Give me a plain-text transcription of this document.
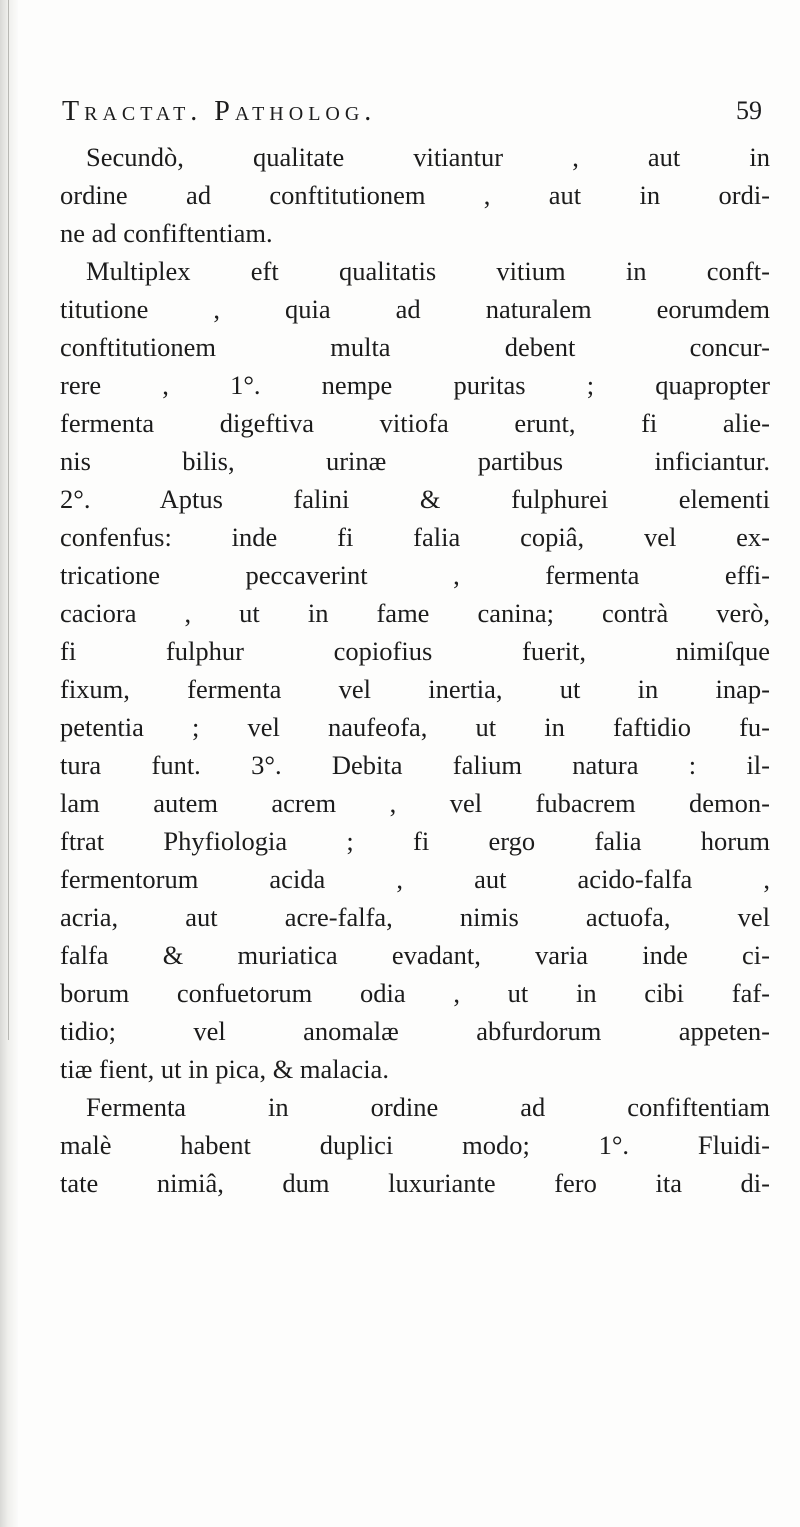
Tractat. Patholog.	59
Secundò, qualitate vitiantur , aut in
ordine ad conftitutionem , aut in ordi-
ne ad confiftentiam.
Multiplex eft qualitatis vitium in conft-
titutione , quia ad naturalem eorumdem
conftitutionem multa debent concur-
rere , 1°. nempe puritas ; quapropter
fermenta digeftiva vitiofa erunt, fi alie-
nis bilis, urinæ partibus inficiantur.
2°. Aptus falini & fulphurei elementi
confenfus: inde fi falia copiâ, vel ex-
tricatione peccaverint , fermenta effi-
caciora , ut in fame canina; contrà verò,
fi fulphur copiofius fuerit, nimiſque
fixum, fermenta vel inertia, ut in inap-
petentia ; vel naufeofa, ut in faftidio fu-
tura funt. 3°. Debita falium natura : il-
lam autem acrem , vel fubacrem demon-
ftrat Phyfiologia ; fi ergo falia horum
fermentorum acida , aut acido-falfa ,
acria, aut acre-falfa, nimis actuofa, vel
falfa & muriatica evadant, varia inde ci-
borum confuetorum odia , ut in cibi faf-
tidio; vel anomalæ abfurdorum appeten-
tiæ fient, ut in pica, & malacia.
Fermenta in ordine ad confiftentiam
malè habent duplici modo; 1°. Fluidi-
tate nimiâ, dum luxuriante fero ita di-
